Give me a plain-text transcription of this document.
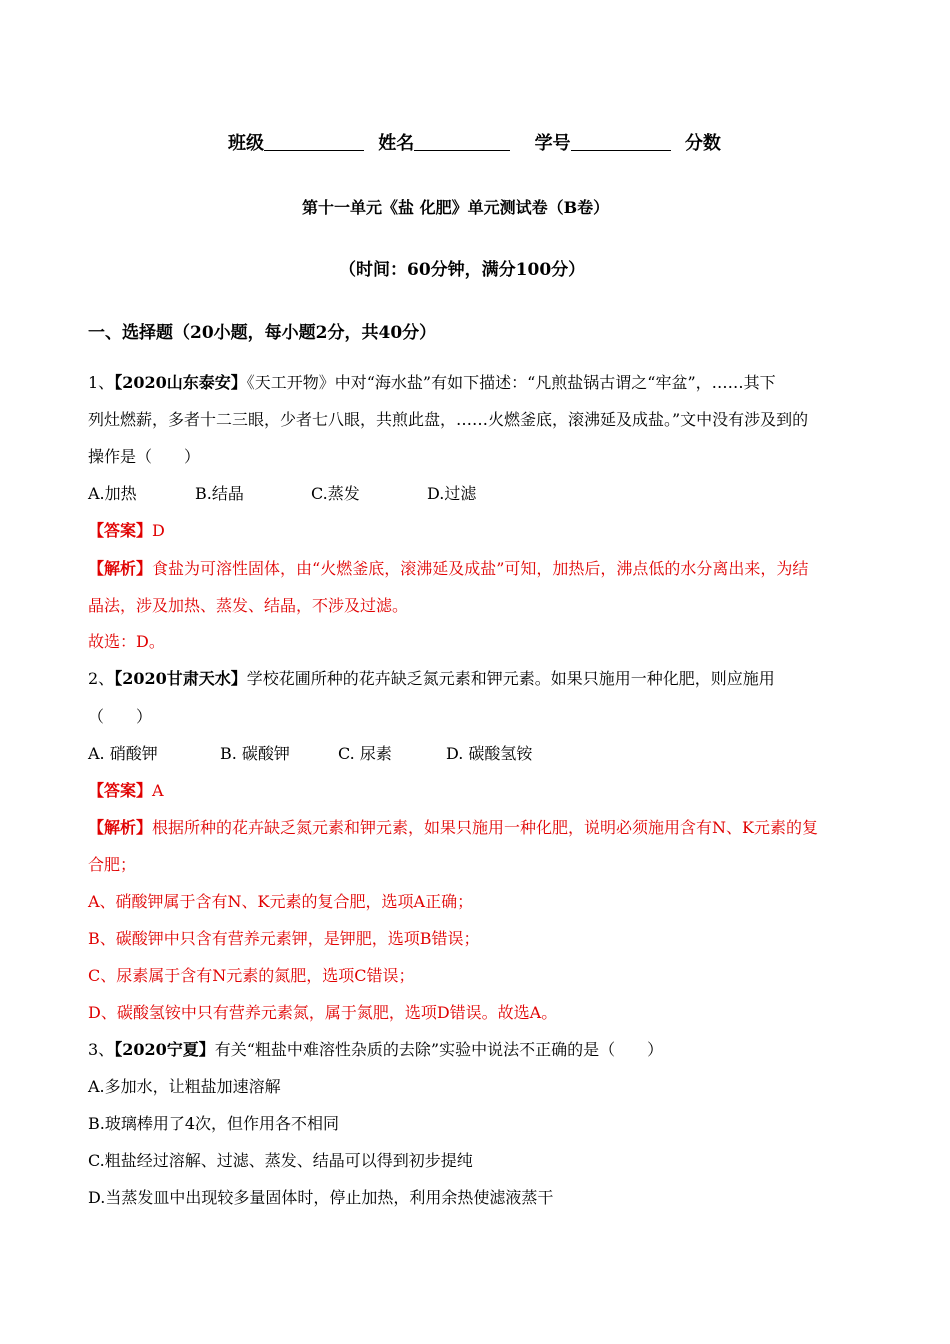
班级	姓名	学号	分数
第十一单元《盐 化肥》单元测试卷（B卷）
（时间：60分钟，满分100分）
一、选择题（20小题，每小题2分，共40分）
1、【2020山东泰安】《天工开物》中对“海水盐”有如下描述：“凡煎盐锅古谓之“牢盆”，……其下
列灶燃薪，多者十二三眼，少者七八眼，共煎此盘，……火燃釜底，滚沸延及成盐。”文中没有涉及到的
操作是（　　）
A.加热	B.结晶	C.蒸发	D.过滤
【答案】D
【解析】食盐为可溶性固体，由“火燃釜底，滚沸延及成盐”可知，加热后，沸点低的水分离出来，为结
晶法，涉及加热、蒸发、结晶，不涉及过滤。
故选：D。
2、【2020甘肃天水】学校花圃所种的花卉缺乏氮元素和钾元素。如果只施用一种化肥，则应施用
（　　）
A. 硝酸钾	B. 碳酸钾	C. 尿素	D. 碳酸氢铵
【答案】A
【解析】根据所种的花卉缺乏氮元素和钾元素，如果只施用一种化肥，说明必须施用含有N、K元素的复
合肥；
A、硝酸钾属于含有N、K元素的复合肥，选项A正确；
B、碳酸钾中只含有营养元素钾，是钾肥，选项B错误；
C、尿素属于含有N元素的氮肥，选项C错误；
D、碳酸氢铵中只有营养元素氮，属于氮肥，选项D错误。故选A。
3、【2020宁夏】有关“粗盐中难溶性杂质的去除”实验中说法不正确的是（　　）
A.多加水，让粗盐加速溶解
B.玻璃棒用了4次，但作用各不相同
C.粗盐经过溶解、过滤、蒸发、结晶可以得到初步提纯
D.当蒸发皿中出现较多量固体时，停止加热，利用余热使滤液蒸干
